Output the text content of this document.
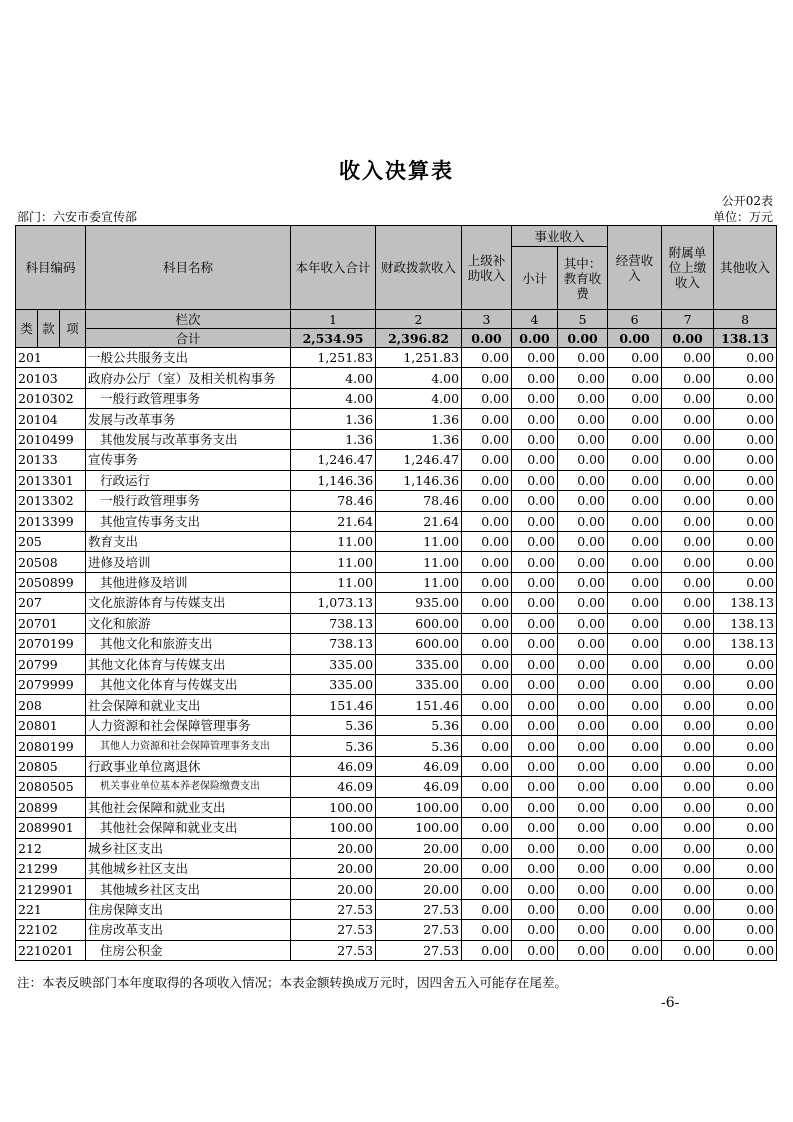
收入决算表
公开02表
部门：六安市委宣传部	单位：万元
科目编码			科目名称	本年收入合计	财政拨款收入	上级补助收入	事业收入		经营收入	附属单位上缴收入	其他收入
							小计	其中：教育收费			
类	款	项	栏次	1	2	3	4	5	6	7	8
			合计	2,534.95	2,396.82	0.00	0.00	0.00	0.00	0.00	138.13
201			一般公共服务支出	1,251.83	1,251.83	0.00	0.00	0.00	0.00	0.00	0.00
20103			政府办公厅（室）及相关机构事务	4.00	4.00	0.00	0.00	0.00	0.00	0.00	0.00
2010302			一般行政管理事务	4.00	4.00	0.00	0.00	0.00	0.00	0.00	0.00
20104			发展与改革事务	1.36	1.36	0.00	0.00	0.00	0.00	0.00	0.00
2010499			其他发展与改革事务支出	1.36	1.36	0.00	0.00	0.00	0.00	0.00	0.00
20133			宣传事务	1,246.47	1,246.47	0.00	0.00	0.00	0.00	0.00	0.00
2013301			行政运行	1,146.36	1,146.36	0.00	0.00	0.00	0.00	0.00	0.00
2013302			一般行政管理事务	78.46	78.46	0.00	0.00	0.00	0.00	0.00	0.00
2013399			其他宣传事务支出	21.64	21.64	0.00	0.00	0.00	0.00	0.00	0.00
205			教育支出	11.00	11.00	0.00	0.00	0.00	0.00	0.00	0.00
20508			进修及培训	11.00	11.00	0.00	0.00	0.00	0.00	0.00	0.00
2050899			其他进修及培训	11.00	11.00	0.00	0.00	0.00	0.00	0.00	0.00
207			文化旅游体育与传媒支出	1,073.13	935.00	0.00	0.00	0.00	0.00	0.00	138.13
20701			文化和旅游	738.13	600.00	0.00	0.00	0.00	0.00	0.00	138.13
2070199			其他文化和旅游支出	738.13	600.00	0.00	0.00	0.00	0.00	0.00	138.13
20799			其他文化体育与传媒支出	335.00	335.00	0.00	0.00	0.00	0.00	0.00	0.00
2079999			其他文化体育与传媒支出	335.00	335.00	0.00	0.00	0.00	0.00	0.00	0.00
208			社会保障和就业支出	151.46	151.46	0.00	0.00	0.00	0.00	0.00	0.00
20801			人力资源和社会保障管理事务	5.36	5.36	0.00	0.00	0.00	0.00	0.00	0.00
2080199			其他人力资源和社会保障管理事务支出	5.36	5.36	0.00	0.00	0.00	0.00	0.00	0.00
20805			行政事业单位离退休	46.09	46.09	0.00	0.00	0.00	0.00	0.00	0.00
2080505			机关事业单位基本养老保险缴费支出	46.09	46.09	0.00	0.00	0.00	0.00	0.00	0.00
20899			其他社会保障和就业支出	100.00	100.00	0.00	0.00	0.00	0.00	0.00	0.00
2089901			其他社会保障和就业支出	100.00	100.00	0.00	0.00	0.00	0.00	0.00	0.00
212			城乡社区支出	20.00	20.00	0.00	0.00	0.00	0.00	0.00	0.00
21299			其他城乡社区支出	20.00	20.00	0.00	0.00	0.00	0.00	0.00	0.00
2129901			其他城乡社区支出	20.00	20.00	0.00	0.00	0.00	0.00	0.00	0.00
221			住房保障支出	27.53	27.53	0.00	0.00	0.00	0.00	0.00	0.00
22102			住房改革支出	27.53	27.53	0.00	0.00	0.00	0.00	0.00	0.00
2210201			住房公积金	27.53	27.53	0.00	0.00	0.00	0.00	0.00	0.00
注：本表反映部门本年度取得的各项收入情况；本表金额转换成万元时，因四舍五入可能存在尾差。
-6-
